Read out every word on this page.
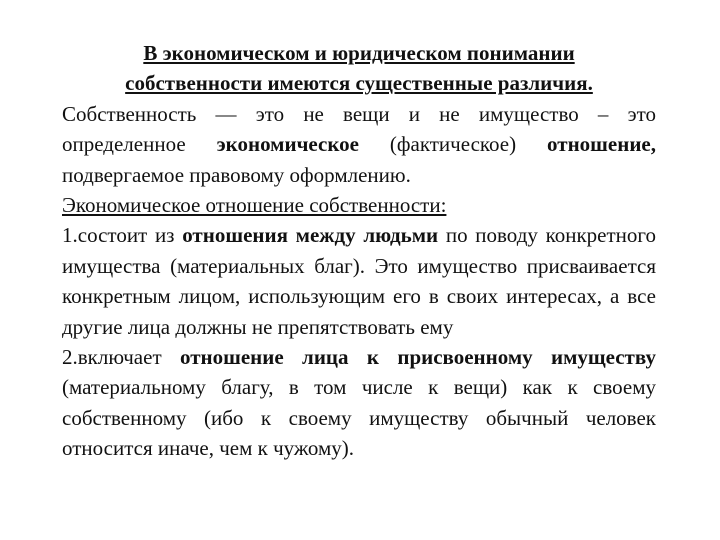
В экономическом и юридическом понимании
собственности имеются существенные различия.

Собственность — это не вещи и не имущество – это определенное экономическое (фактическое) отношение, подвергаемое правовому оформлению.

Экономическое отношение собственности:

1.состоит из отношения между людьми по поводу конкретного имущества (материальных благ). Это имущество присваивается конкретным лицом, использующим его в своих интересах, а все другие лица должны не препятствовать ему

2.включает отношение лица к присвоенному имуществу (материальному благу, в том числе к вещи) как к своему собственному (ибо к своему имуществу обычный человек относится иначе, чем к чужому).
